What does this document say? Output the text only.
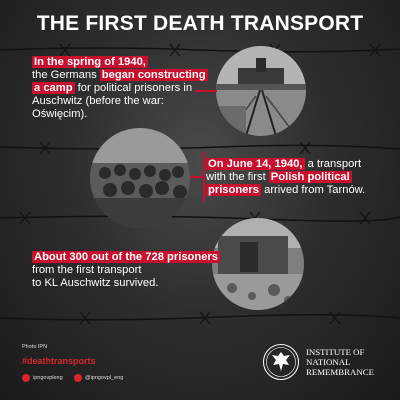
THE FIRST DEATH TRANSPORT
In the spring of 1940,
the Germans began constructing
a camp for political prisoners in
Auschwitz (before the war:
Oświęcim).
On June 14, 1940, a transport
with the first Polish political
prisoners arrived from Tarnów.
About 300 out of the 728 prisoners
from the first transport
to KL Auschwitz survived.
Photo IPN
#deathtransports
ipngovpleng	@ipngovpl_eng
INSTITUTE OF
NATIONAL
REMEMBRANCE
